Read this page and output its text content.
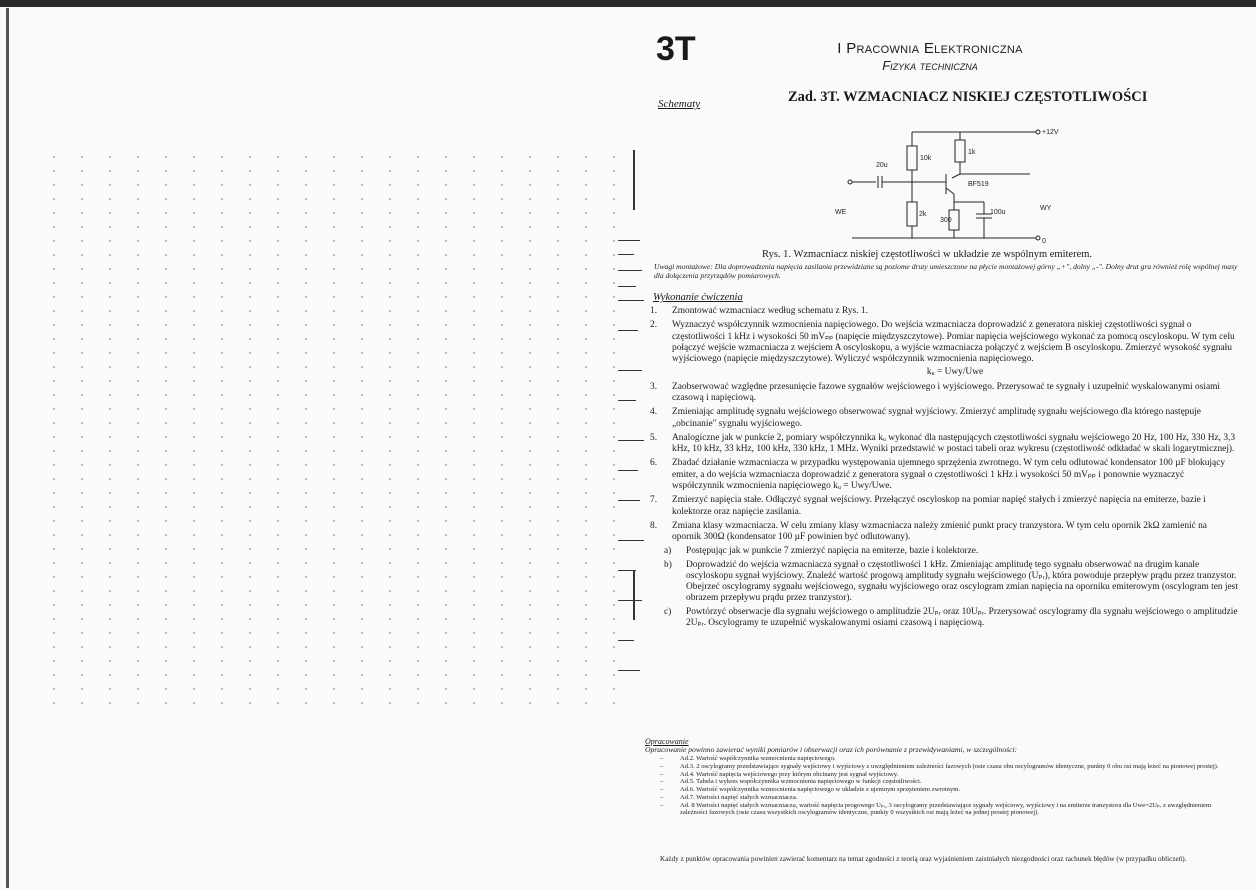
3T	I Pracownia Elektroniczna
Fizyka techniczna
Zad. 3T. WZMACNIACZ NISKIEJ CZĘSTOTLIWOŚCI
Schematy
+12V
10k
1k
20u
BF519
WE
WY
2k
300
100u
0
Rys. 1. Wzmacniacz niskiej częstotliwości w układzie ze wspólnym emiterem.
Uwagi montażowe: Dla doprowadzenia napięcia zasilania przewidziane są poziome druty umieszczone na płycie montażowej górny „+", dolny „-". Dolny drut gra również rolę wspólnej masy dla dołączenia przyrządów pomiarowych.
Wykonanie ćwiczenia
1. Zmontować wzmacniacz według schematu z Rys. 1.
2. Wyznaczyć współczynnik wzmocnienia napięciowego. Do wejścia wzmacniacza doprowadzić z generatora niskiej częstotliwości sygnał o częstotliwości 1 kHz i wysokości 50 mVₚₚ (napięcie międzyszczytowe). Pomiar napięcia wejściowego wykonać za pomocą oscyloskopu. W tym celu połączyć wejście wzmacniacza z wejściem A oscyloskopu, a wyjście wzmacniacza połączyć z wejściem B oscyloskopu. Zmierzyć wysokość sygnału wyjściowego (napięcie międzyszczytowe). Wyliczyć współczynnik wzmocnienia napięciowego.
kᵤ = Uwy/Uwe
3. Zaobserwować względne przesunięcie fazowe sygnałów wejściowego i wyjściowego. Przerysować te sygnały i uzupełnić wyskalowanymi osiami czasową i napięciową.
4. Zmieniając amplitudę sygnału wejściowego obserwować sygnał wyjściowy. Zmierzyć amplitudę sygnału wejściowego dla którego następuje „obcinanie" sygnału wyjściowego.
5. Analogiczne jak w punkcie 2, pomiary współczynnika kᵤ wykonać dla następujących częstotliwości sygnału wejściowego 20 Hz, 100 Hz, 330 Hz, 3,3 kHz, 10 kHz, 33 kHz, 100 kHz, 330 kHz, 1 MHz. Wyniki przedstawić w postaci tabeli oraz wykresu (częstotliwość odkładać w skali logarytmicznej).
6. Zbadać działanie wzmacniacza w przypadku występowania ujemnego sprzężenia zwrotnego. W tym celu odlutować kondensator 100 µF blokujący emiter, a do wejścia wzmacniacza doprowadzić z generatora sygnał o częstotliwości 1 kHz i wysokości 50 mVₚₚ i ponownie wyznaczyć współczynnik wzmocnienia napięciowego kᵤ = Uwy/Uwe.
7. Zmierzyć napięcia stałe. Odłączyć sygnał wejściowy. Przełączyć oscyloskop na pomiar napięć stałych i zmierzyć napięcia na emiterze, bazie i kolektorze oraz napięcie zasilania.
8. Zmiana klasy wzmacniacza. W celu zmiany klasy wzmacniacza należy zmienić punkt pracy tranzystora. W tym celu opornik 2kΩ zamienić na opornik 300Ω (kondensator 100 µF powinien być odlutowany).
a) Postępując jak w punkcie 7 zmierzyć napięcia na emiterze, bazie i kolektorze.
b) Doprowadzić do wejścia wzmacniacza sygnał o częstotliwości 1 kHz. Zmieniając amplitudę tego sygnału obserwować na drugim kanale oscyloskopu sygnał wyjściowy. Znaleźć wartość progową amplitudy sygnału wejściowego (Uₚᵣ), która powoduje przepływ prądu przez tranzystor. Obejrzeć oscylogramy sygnału wejściowego, sygnału wyjściowego oraz oscylogram zmian napięcia na oporniku emiterowym (oscylogram ten jest obrazem przepływu prądu przez tranzystor).
c) Powtórzyć obserwacje dla sygnału wejściowego o amplitudzie 2Uₚᵣ oraz 10Uₚᵣ. Przerysować oscylogramy dla sygnału wejściowego o amplitudzie 2Uₚᵣ. Oscylogramy te uzupełnić wyskalowanymi osiami czasową i napięciową.
Opracowanie
Opracowanie powinno zawierać wyniki pomiarów i obserwacji oraz ich porównanie z przewidywaniami, w szczególności:
–	Ad.2. Wartość współczynnika wzmocnienia napięciowego.
–	Ad.3. 2 oscylogramy przedstawiające sygnały wejściowy i wyjściowy z uwzględnieniem zależności fazowych (osie czasu obu oscylogramów identyczne, punkty 0 obu osi mają leżeć na pionowej prostej).
–	Ad.4. Wartość napięcia wejściowego przy którym obcinany jest sygnał wyjściowy.
–	Ad.5. Tabela i wykres współczynnika wzmocnienia napięciowego w funkcji częstotliwości.
–	Ad.6. Wartość współczynnika wzmocnienia napięciowego w układzie z ujemnym sprzężeniem zwrotnym.
–	Ad.7. Wartości napięć stałych wzmacniacza.
–	Ad. 8 Wartości napięć stałych wzmacniacza, wartość napięcia progowego Uₚᵣ, 3 oscylogramy przedstawiające sygnały wejściowy, wyjściowy i na emiterze tranzystora dla Uwe=2Uₚᵣ z uwzględnieniem zależności fazowych (osie czasu wszystkich oscylogramów identyczne, punkty 0 wszystkich osi mają leżeć na jednej prostej pionowej).
Każdy z punktów opracowania powinien zawierać komentarz na temat zgodności z teorią oraz wyjaśnieniem zaistniałych niezgodności oraz rachunek błędów (w przypadku obliczeń).
